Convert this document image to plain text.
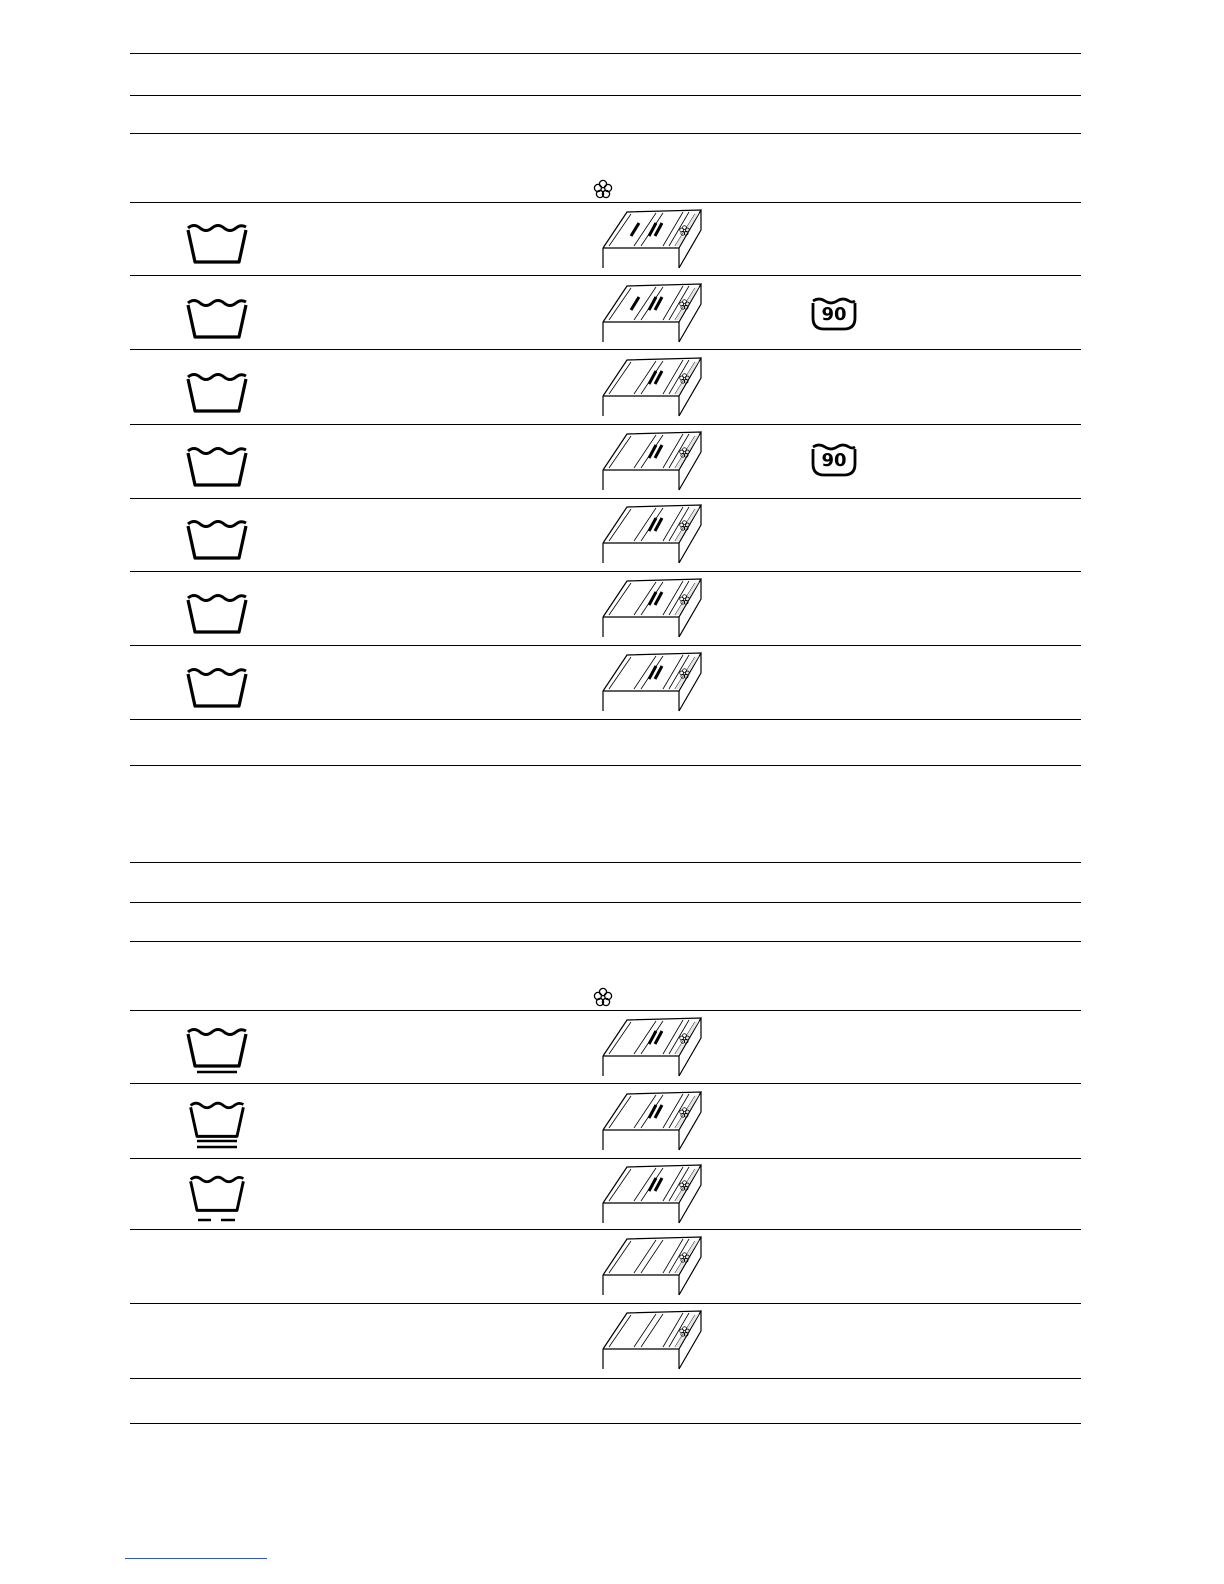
90
90
